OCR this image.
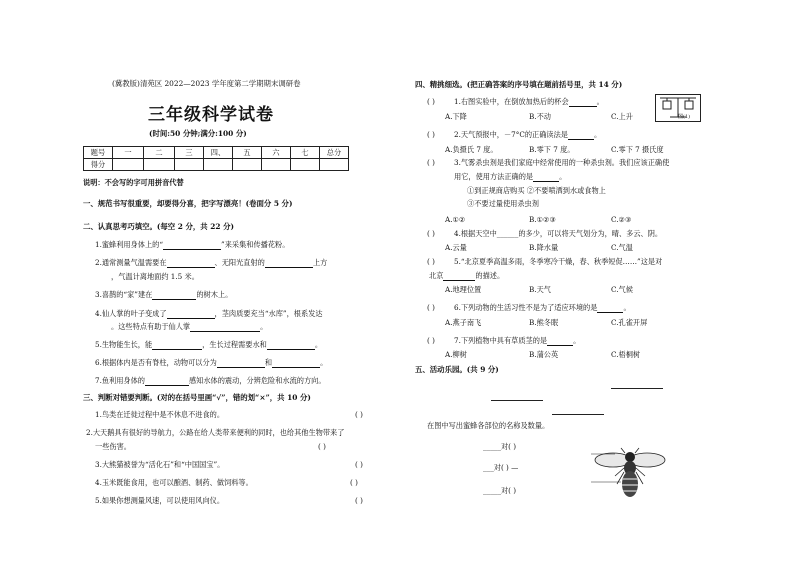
(冀教版)清苑区 2022—2023 学年度第二学期期末调研卷
三年级科学试卷
(时间:50 分钟;满分:100 分)
题号	一	二	三	四、	五	六	七	总分
得分								
说明：不会写的字可用拼音代替
一、规范书写很重要，却要得分喜，把字写漂亮！(卷面分 5 分)
二、认真思考巧填空。(每空 2 分，共 22 分)
1.蜜蜂利用身体上的“	”来采集和传播花粉。
2.通常测量气温需要在	、无阳光直射的	上方
，气温计离地面约 1.5 米。
3.喜鹊的“家”建在	的树木上。
4.仙人掌的叶子变成了	，茎肉质要充当“水库”，根系发达
。这些特点有助于仙人掌	。
5.生物能生长，能	，生长过程需要水和	。
6.根据体内是否有脊柱，动物可以分为	和	。
7.鱼利用身体的	感知水体的震动，分辨危险和水流的方向。
三、判断对错要判断。(对的在括号里画“√”，错的划“×”，共 10 分)
1.鸟类在迁徙过程中是不休息不进食的。	( )
2.大天鹅具有很好的导航力，公路在给人类带来便利的同时，也给其他生物带来了
一些伤害。	( )
3.大熊猫被誉为“活化石”和“中国国宝”。	( )
4.玉米既能食用，也可以酿酒、制药、做饲料等。	( )
5.如果你想测量风速，可以使用风向仪。	( )
四、精挑细选。(把正确答案的序号填在题前括号里，共 14 分)
( )	1.右图实验中，在倒放加热后的杯会	。
A.下降	B.不动	C.上升	图(1)
( )	2.天气预报中，－7°C的正确读法是	。
A.负摄氏 7 度。	B.零下 7 度。	C.零下 7 摄氏度
( )	3.气雾杀虫剂是我们家庭中经常使用的一种杀虫剂。我们应该正确使
用它，使用方法正确的是	。
①到正规商店购买 ②不要喷洒到水或食物上
③不要过量使用杀虫剂
A.①②	B.①②③	C.②③
( )	4.根据天空中______的多少，可以将天气划分为，晴、多云、阴。
A.云量	B.降水量	C.气温
( )	5.“北京夏季高温多雨，冬季寒冷干燥，春、秋季短促……”这是对
北京	的描述。
A.地理位置	B.天气	C.气候
( )	6.下列动物的生活习性不是为了适应环境的是	。
A.燕子南飞	B.熊冬眠	C.孔雀开屏
( )	7.下列植物中具有草质茎的是	。
A.柳树	B.蒲公英	C.梧桐树
五、活动乐园。(共 9 分)
在图中写出蜜蜂各部位的名称及数量。
_____对( )
___对( ) —
_____对( )
